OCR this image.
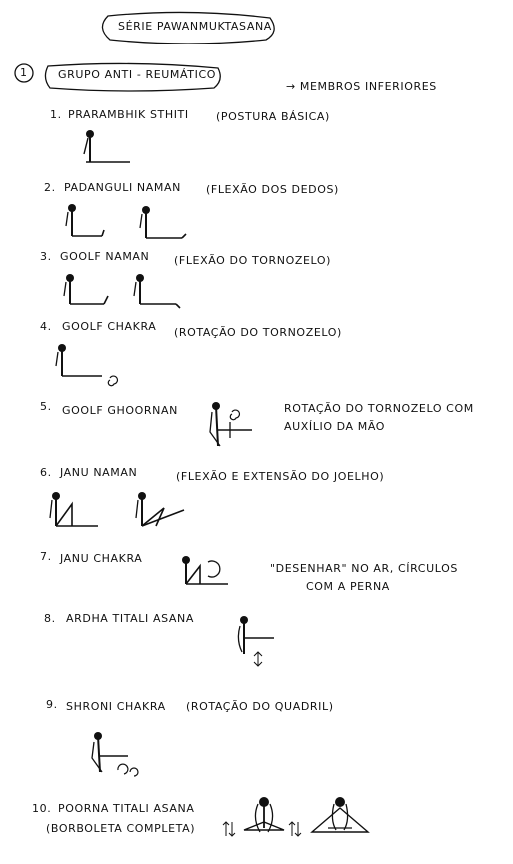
SÉRIE PAWANMUKTASANA
1	GRUPO ANTI - REUMÁTICO
→ MEMBROS INFERIORES
1. PRARAMBHIK STHITI (POSTURA BÁSICA)
2. PADANGULI NAMAN (FLEXÃO DOS DEDOS)
3. GOOLF NAMAN (FLEXÃO DO TORNOZELO)
4. GOOLF CHAKRA (ROTAÇÃO DO TORNOZELO)
5. GOOLF GHOORNAN	ROTAÇÃO DO TORNOZELO COM
AUXÍLIO DA MÃO
6. JANU NAMAN	(FLEXÃO E EXTENSÃO DO JOELHO)
7. JANU CHAKRA
"DESENHAR" NO AR, CÍRCULOS
COM A PERNA
8. ARDHA TITALI ASANA
9. SHRONI CHAKRA (ROTAÇÃO DO QUADRIL)
10. POORNA TITALI ASANA
(BORBOLETA COMPLETA)
